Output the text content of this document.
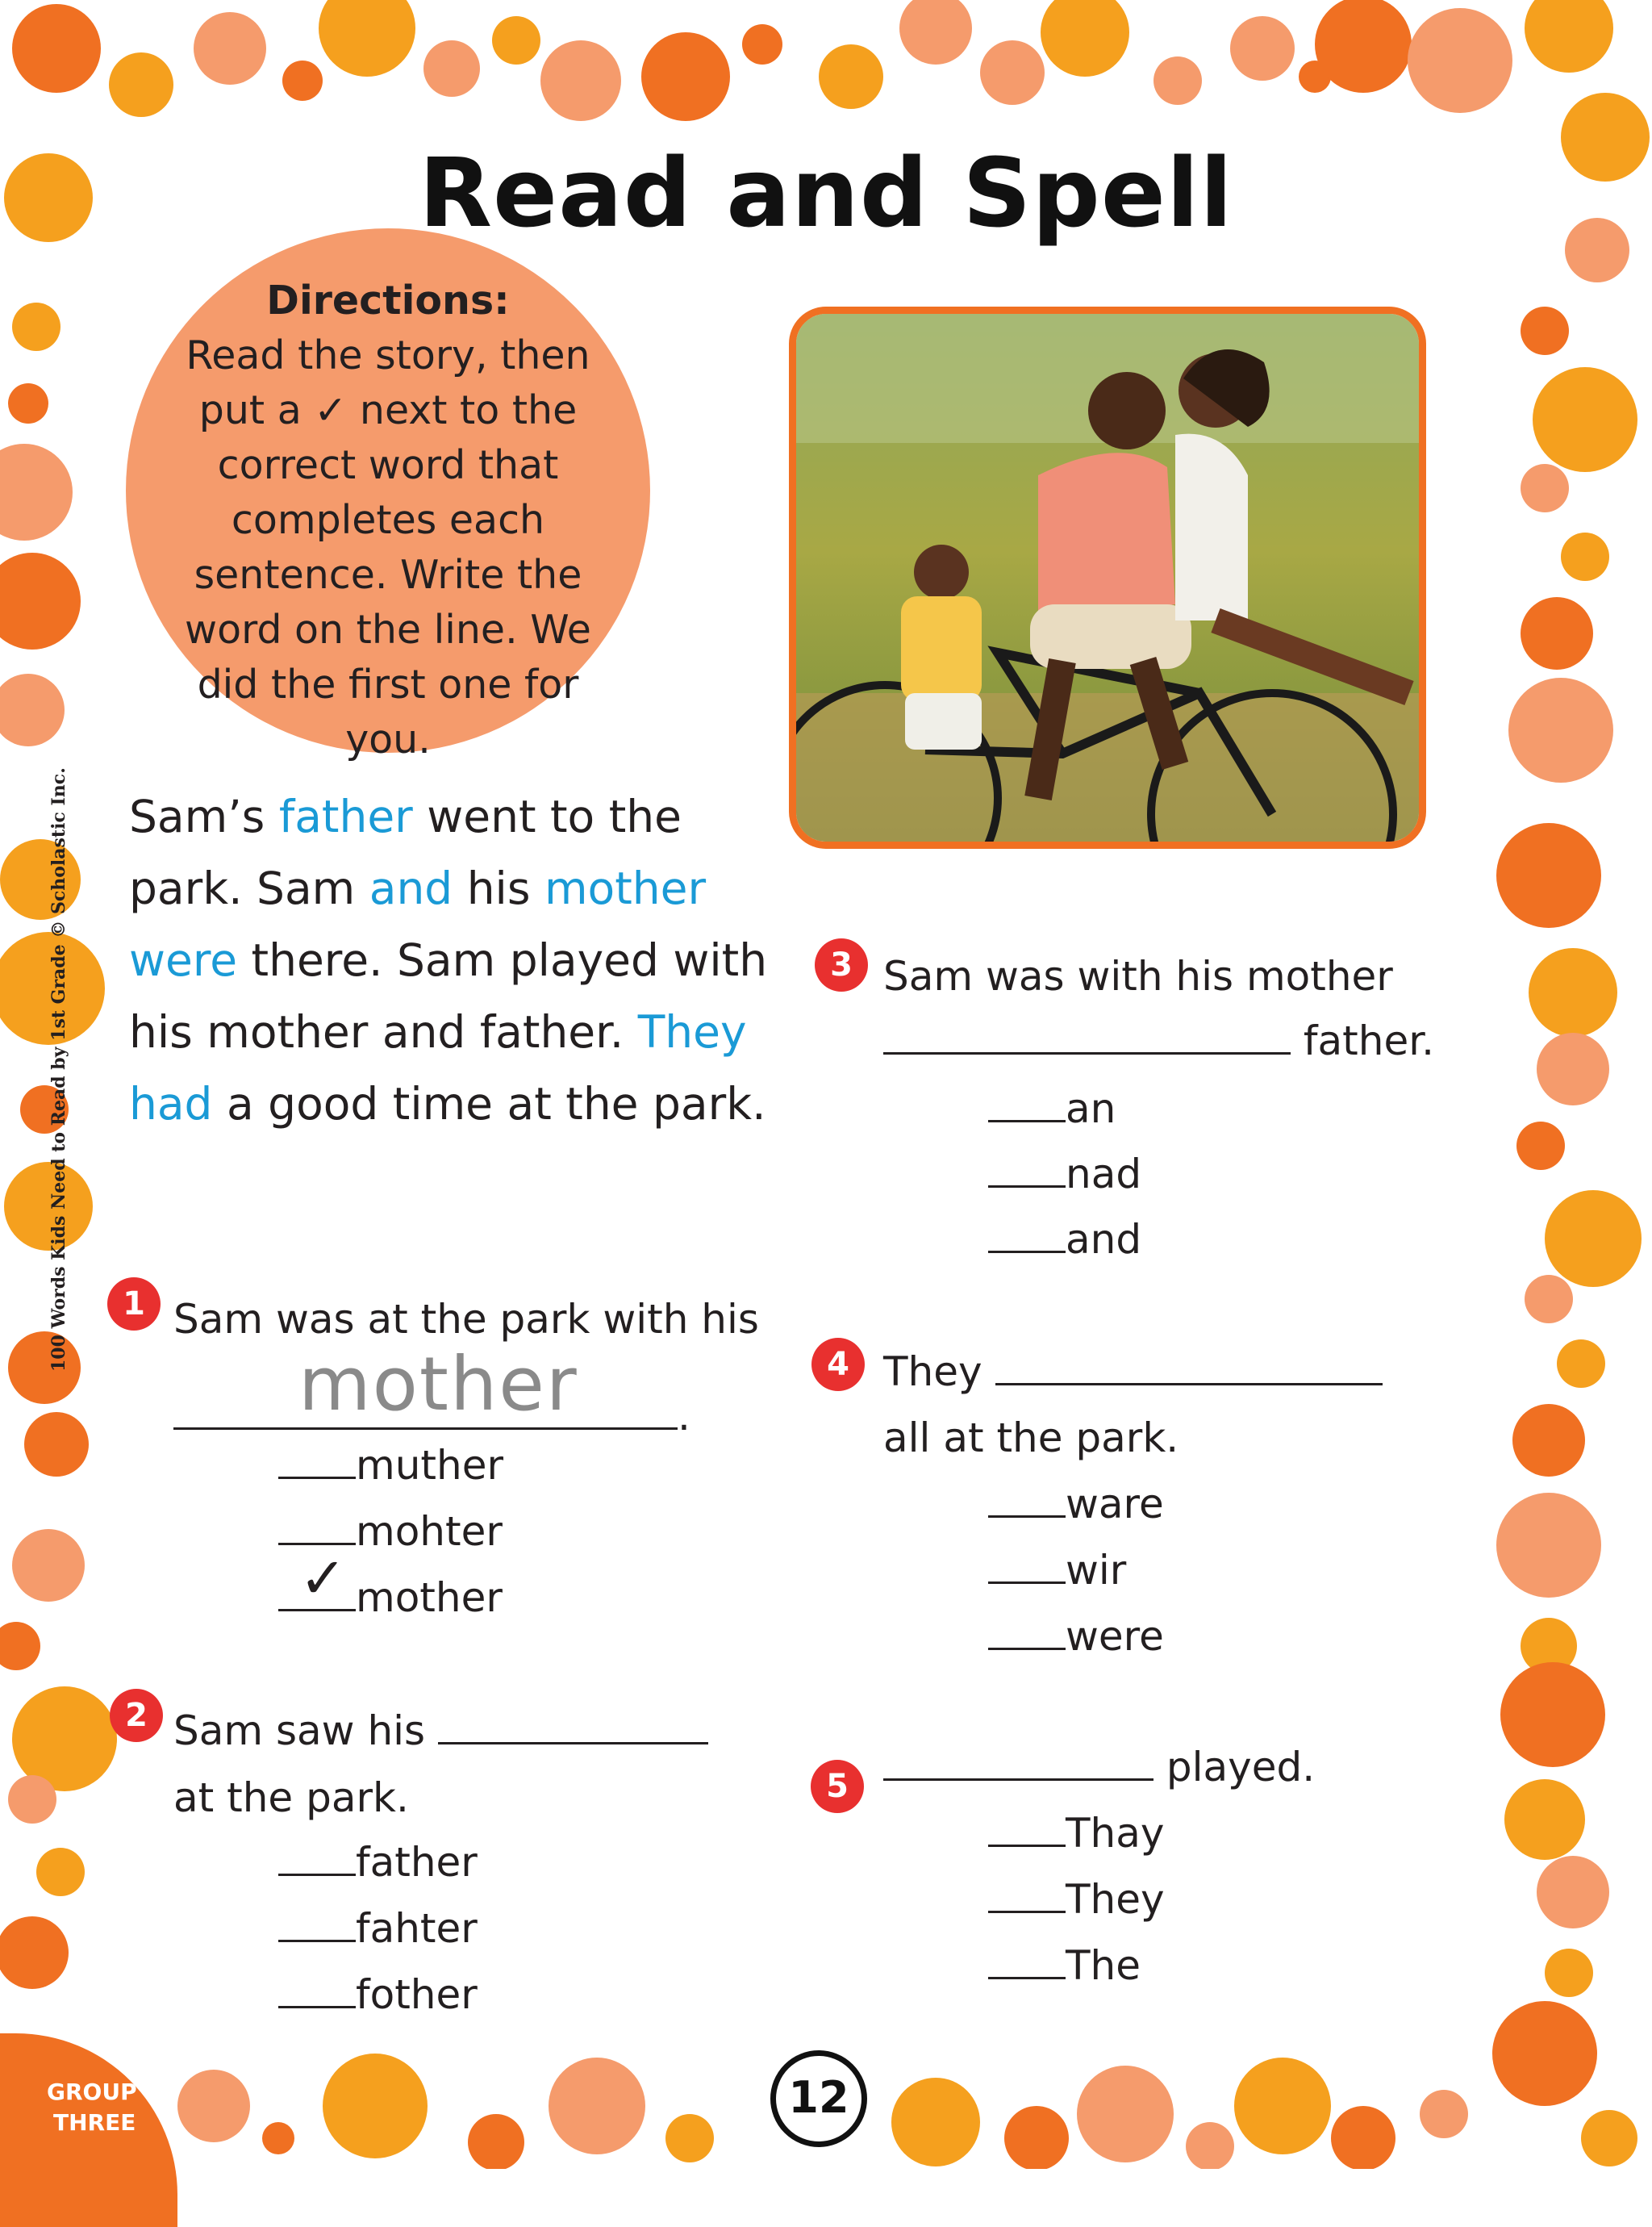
Read and Spell
Directions:
Read the story, then put a ✓ next to the correct word that completes each sentence. Write the word on the line. We did the first one for you.
Sam’s father went to the park. Sam and his mother were there. Sam played with his mother and father. They had a good time at the park.
1 Sam was at the park with his
.
mother
muther
mohter
✓ mother
2 Sam saw his
at the park.
father
fahter
fother
3 Sam was with his mother
father.
an
nad
and
4 They
all at the park.
ware
wir
were
5	played.
Thay
They
The
100 Words Kids Need to Read by 1st Grade © Scholastic Inc.
GROUP
THREE	12
